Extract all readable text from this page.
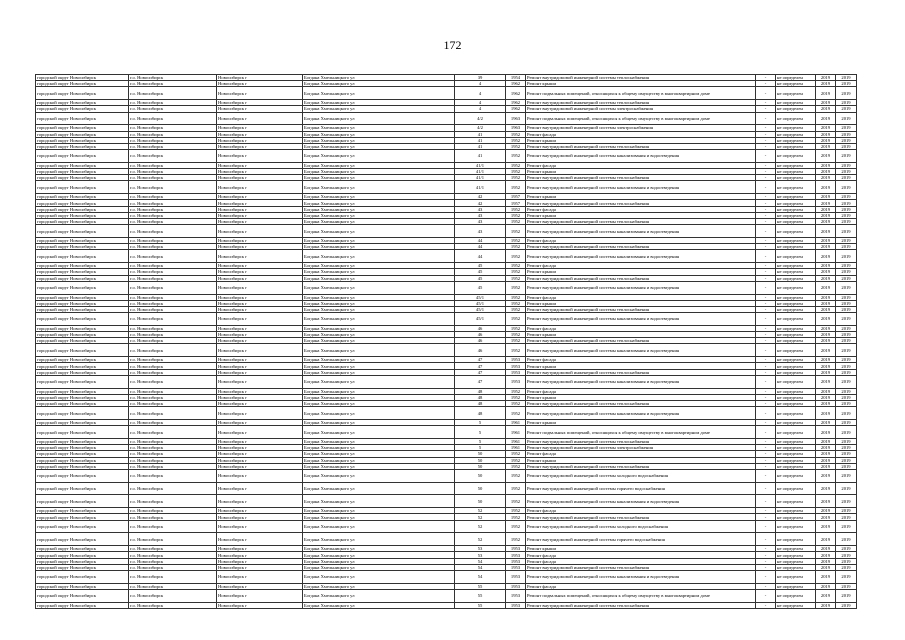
172
городской округ Новосибирск	г.о. Новосибирск	Новосибирск г	Богдана Хмельницкого ул	39	1954	Ремонт внутридомовой инженерной системы теплоснабжения	-	не определен	2019	2019
городской округ Новосибирск	г.о. Новосибирск	Новосибирск г	Богдана Хмельницкого ул	4	1962	Ремонт крыши	-	не определен	2019	2019
городской округ Новосибирск	г.о. Новосибирск	Новосибирск г	Богдана Хмельницкого ул	4	1962	Ремонт подвальных помещений, относящихся к общему имуществу в многоквартирном доме	-	не определен	2019	2019
городской округ Новосибирск	г.о. Новосибирск	Новосибирск г	Богдана Хмельницкого ул	4	1962	Ремонт внутридомовой инженерной системы теплоснабжения	-	не определен	2019	2019
городской округ Новосибирск	г.о. Новосибирск	Новосибирск г	Богдана Хмельницкого ул	4	1962	Ремонт внутридомовой инженерной системы электроснабжения	-	не определен	2019	2019
городской округ Новосибирск	г.о. Новосибирск	Новосибирск г	Богдана Хмельницкого ул	4/2	1963	Ремонт подвальных помещений, относящихся к общему имуществу в многоквартирном доме	-	не определен	2019	2019
городской округ Новосибирск	г.о. Новосибирск	Новосибирск г	Богдана Хмельницкого ул	4/2	1963	Ремонт внутридомовой инженерной системы электроснабжения	-	не определен	2019	2019
городской округ Новосибирск	г.о. Новосибирск	Новосибирск г	Богдана Хмельницкого ул	41	1952	Ремонт фасада	-	не определен	2019	2019
городской округ Новосибирск	г.о. Новосибирск	Новосибирск г	Богдана Хмельницкого ул	41	1952	Ремонт крыши	-	не определен	2019	2019
городской округ Новосибирск	г.о. Новосибирск	Новосибирск г	Богдана Хмельницкого ул	41	1952	Ремонт внутридомовой инженерной системы теплоснабжения	-	не определен	2019	2019
городской округ Новосибирск	г.о. Новосибирск	Новосибирск г	Богдана Хмельницкого ул	41	1952	Ремонт внутридомовой инженерной системы канализования и водоотведения	-	не определен	2019	2019
городской округ Новосибирск	г.о. Новосибирск	Новосибирск г	Богдана Хмельницкого ул	41/1	1952	Ремонт фасада	-	не определен	2019	2019
городской округ Новосибирск	г.о. Новосибирск	Новосибирск г	Богдана Хмельницкого ул	41/1	1952	Ремонт крыши	-	не определен	2019	2019
городской округ Новосибирск	г.о. Новосибирск	Новосибирск г	Богдана Хмельницкого ул	41/1	1952	Ремонт внутридомовой инженерной системы теплоснабжения	-	не определен	2019	2019
городской округ Новосибирск	г.о. Новосибирск	Новосибирск г	Богдана Хмельницкого ул	41/1	1952	Ремонт внутридомовой инженерной системы канализования и водоотведения	-	не определен	2019	2019
городской округ Новосибирск	г.о. Новосибирск	Новосибирск г	Богдана Хмельницкого ул	42	1957	Ремонт крыши	-	не определен	2019	2019
городской округ Новосибирск	г.о. Новосибирск	Новосибирск г	Богдана Хмельницкого ул	42	1957	Ремонт внутридомовой инженерной системы теплоснабжения	-	не определен	2019	2019
городской округ Новосибирск	г.о. Новосибирск	Новосибирск г	Богдана Хмельницкого ул	43	1952	Ремонт фасада	-	не определен	2019	2019
городской округ Новосибирск	г.о. Новосибирск	Новосибирск г	Богдана Хмельницкого ул	43	1952	Ремонт крыши	-	не определен	2019	2019
городской округ Новосибирск	г.о. Новосибирск	Новосибирск г	Богдана Хмельницкого ул	43	1952	Ремонт внутридомовой инженерной системы теплоснабжения	-	не определен	2019	2019
городской округ Новосибирск	г.о. Новосибирск	Новосибирск г	Богдана Хмельницкого ул	43	1952	Ремонт внутридомовой инженерной системы канализования и водоотведения	-	не определен	2019	2019
городской округ Новосибирск	г.о. Новосибирск	Новосибирск г	Богдана Хмельницкого ул	44	1952	Ремонт фасада	-	не определен	2019	2019
городской округ Новосибирск	г.о. Новосибирск	Новосибирск г	Богдана Хмельницкого ул	44	1952	Ремонт внутридомовой инженерной системы теплоснабжения	-	не определен	2019	2019
городской округ Новосибирск	г.о. Новосибирск	Новосибирск г	Богдана Хмельницкого ул	44	1952	Ремонт внутридомовой инженерной системы канализования и водоотведения	-	не определен	2019	2019
городской округ Новосибирск	г.о. Новосибирск	Новосибирск г	Богдана Хмельницкого ул	45	1952	Ремонт фасада	-	не определен	2019	2019
городской округ Новосибирск	г.о. Новосибирск	Новосибирск г	Богдана Хмельницкого ул	45	1952	Ремонт крыши	-	не определен	2019	2019
городской округ Новосибирск	г.о. Новосибирск	Новосибирск г	Богдана Хмельницкого ул	45	1952	Ремонт внутридомовой инженерной системы теплоснабжения	-	не определен	2019	2019
городской округ Новосибирск	г.о. Новосибирск	Новосибирск г	Богдана Хмельницкого ул	45	1952	Ремонт внутридомовой инженерной системы канализования и водоотведения	-	не определен	2019	2019
городской округ Новосибирск	г.о. Новосибирск	Новосибирск г	Богдана Хмельницкого ул	45/1	1952	Ремонт фасада	-	не определен	2019	2019
городской округ Новосибирск	г.о. Новосибирск	Новосибирск г	Богдана Хмельницкого ул	45/1	1952	Ремонт крыши	-	не определен	2019	2019
городской округ Новосибирск	г.о. Новосибирск	Новосибирск г	Богдана Хмельницкого ул	45/1	1952	Ремонт внутридомовой инженерной системы теплоснабжения	-	не определен	2019	2019
городской округ Новосибирск	г.о. Новосибирск	Новосибирск г	Богдана Хмельницкого ул	45/1	1952	Ремонт внутридомовой инженерной системы канализования и водоотведения	-	не определен	2019	2019
городской округ Новосибирск	г.о. Новосибирск	Новосибирск г	Богдана Хмельницкого ул	46	1952	Ремонт фасада	-	не определен	2019	2019
городской округ Новосибирск	г.о. Новосибирск	Новосибирск г	Богдана Хмельницкого ул	46	1952	Ремонт крыши	-	не определен	2019	2019
городской округ Новосибирск	г.о. Новосибирск	Новосибирск г	Богдана Хмельницкого ул	46	1952	Ремонт внутридомовой инженерной системы теплоснабжения	-	не определен	2019	2019
городской округ Новосибирск	г.о. Новосибирск	Новосибирск г	Богдана Хмельницкого ул	46	1952	Ремонт внутридомовой инженерной системы канализования и водоотведения	-	не определен	2019	2019
городской округ Новосибирск	г.о. Новосибирск	Новосибирск г	Богдана Хмельницкого ул	47	1953	Ремонт фасада	-	не определен	2019	2019
городской округ Новосибирск	г.о. Новосибирск	Новосибирск г	Богдана Хмельницкого ул	47	1953	Ремонт крыши	-	не определен	2019	2019
городской округ Новосибирск	г.о. Новосибирск	Новосибирск г	Богдана Хмельницкого ул	47	1953	Ремонт внутридомовой инженерной системы теплоснабжения	-	не определен	2019	2019
городской округ Новосибирск	г.о. Новосибирск	Новосибирск г	Богдана Хмельницкого ул	47	1953	Ремонт внутридомовой инженерной системы канализования и водоотведения	-	не определен	2019	2019
городской округ Новосибирск	г.о. Новосибирск	Новосибирск г	Богдана Хмельницкого ул	48	1952	Ремонт фасада	-	не определен	2019	2019
городской округ Новосибирск	г.о. Новосибирск	Новосибирск г	Богдана Хмельницкого ул	48	1952	Ремонт крыши	-	не определен	2019	2019
городской округ Новосибирск	г.о. Новосибирск	Новосибирск г	Богдана Хмельницкого ул	48	1952	Ремонт внутридомовой инженерной системы теплоснабжения	-	не определен	2019	2019
городской округ Новосибирск	г.о. Новосибирск	Новосибирск г	Богдана Хмельницкого ул	48	1952	Ремонт внутридомовой инженерной системы канализования и водоотведения	-	не определен	2019	2019
городской округ Новосибирск	г.о. Новосибирск	Новосибирск г	Богдана Хмельницкого ул	5	1961	Ремонт крыши	-	не определен	2019	2019
городской округ Новосибирск	г.о. Новосибирск	Новосибирск г	Богдана Хмельницкого ул	5	1961	Ремонт подвальных помещений, относящихся к общему имуществу в многоквартирном доме	-	не определен	2019	2019
городской округ Новосибирск	г.о. Новосибирск	Новосибирск г	Богдана Хмельницкого ул	5	1961	Ремонт внутридомовой инженерной системы теплоснабжения	-	не определен	2019	2019
городской округ Новосибирск	г.о. Новосибирск	Новосибирск г	Богдана Хмельницкого ул	5	1961	Ремонт внутридомовой инженерной системы электроснабжения	-	не определен	2019	2019
городской округ Новосибирск	г.о. Новосибирск	Новосибирск г	Богдана Хмельницкого ул	50	1952	Ремонт фасада	-	не определен	2019	2019
городской округ Новосибирск	г.о. Новосибирск	Новосибирск г	Богдана Хмельницкого ул	50	1952	Ремонт крыши	-	не определен	2019	2019
городской округ Новосибирск	г.о. Новосибирск	Новосибирск г	Богдана Хмельницкого ул	50	1952	Ремонт внутридомовой инженерной системы теплоснабжения	-	не определен	2019	2019
городской округ Новосибирск	г.о. Новосибирск	Новосибирск г	Богдана Хмельницкого ул	50	1952	Ремонт внутридомовой инженерной системы холодного водоснабжения	-	не определен	2019	2019
городской округ Новосибирск	г.о. Новосибирск	Новосибирск г	Богдана Хмельницкого ул	50	1952	Ремонт внутридомовой инженерной системы горячего водоснабжения	-	не определен	2019	2019
городской округ Новосибирск	г.о. Новосибирск	Новосибирск г	Богдана Хмельницкого ул	50	1952	Ремонт внутридомовой инженерной системы канализования и водоотведения	-	не определен	2019	2019
городской округ Новосибирск	г.о. Новосибирск	Новосибирск г	Богдана Хмельницкого ул	52	1952	Ремонт фасада	-	не определен	2019	2019
городской округ Новосибирск	г.о. Новосибирск	Новосибирск г	Богдана Хмельницкого ул	52	1952	Ремонт внутридомовой инженерной системы теплоснабжения	-	не определен	2019	2019
городской округ Новосибирск	г.о. Новосибирск	Новосибирск г	Богдана Хмельницкого ул	52	1952	Ремонт внутридомовой инженерной системы холодного водоснабжения	-	не определен	2019	2019
городской округ Новосибирск	г.о. Новосибирск	Новосибирск г	Богдана Хмельницкого ул	52	1952	Ремонт внутридомовой инженерной системы горячего водоснабжения	-	не определен	2019	2019
городской округ Новосибирск	г.о. Новосибирск	Новосибирск г	Богдана Хмельницкого ул	53	1953	Ремонт крыши	-	не определен	2019	2019
городской округ Новосибирск	г.о. Новосибирск	Новосибирск г	Богдана Хмельницкого ул	53	1953	Ремонт фасада	-	не определен	2019	2019
городской округ Новосибирск	г.о. Новосибирск	Новосибирск г	Богдана Хмельницкого ул	54	1953	Ремонт фасада	-	не определен	2019	2019
городской округ Новосибирск	г.о. Новосибирск	Новосибирск г	Богдана Хмельницкого ул	54	1953	Ремонт внутридомовой инженерной системы теплоснабжения	-	не определен	2019	2019
городской округ Новосибирск	г.о. Новосибирск	Новосибирск г	Богдана Хмельницкого ул	54	1953	Ремонт внутридомовой инженерной системы канализования и водоотведения	-	не определен	2019	2019
городской округ Новосибирск	г.о. Новосибирск	Новосибирск г	Богдана Хмельницкого ул	55	1953	Ремонт фасада	-	не определен	2019	2019
городской округ Новосибирск	г.о. Новосибирск	Новосибирск г	Богдана Хмельницкого ул	55	1953	Ремонт подвальных помещений, относящихся к общему имуществу в многоквартирном доме	-	не определен	2019	2019
городской округ Новосибирск	г.о. Новосибирск	Новосибирск г	Богдана Хмельницкого ул	55	1953	Ремонт внутридомовой инженерной системы теплоснабжения	-	не определен	2019	2019
